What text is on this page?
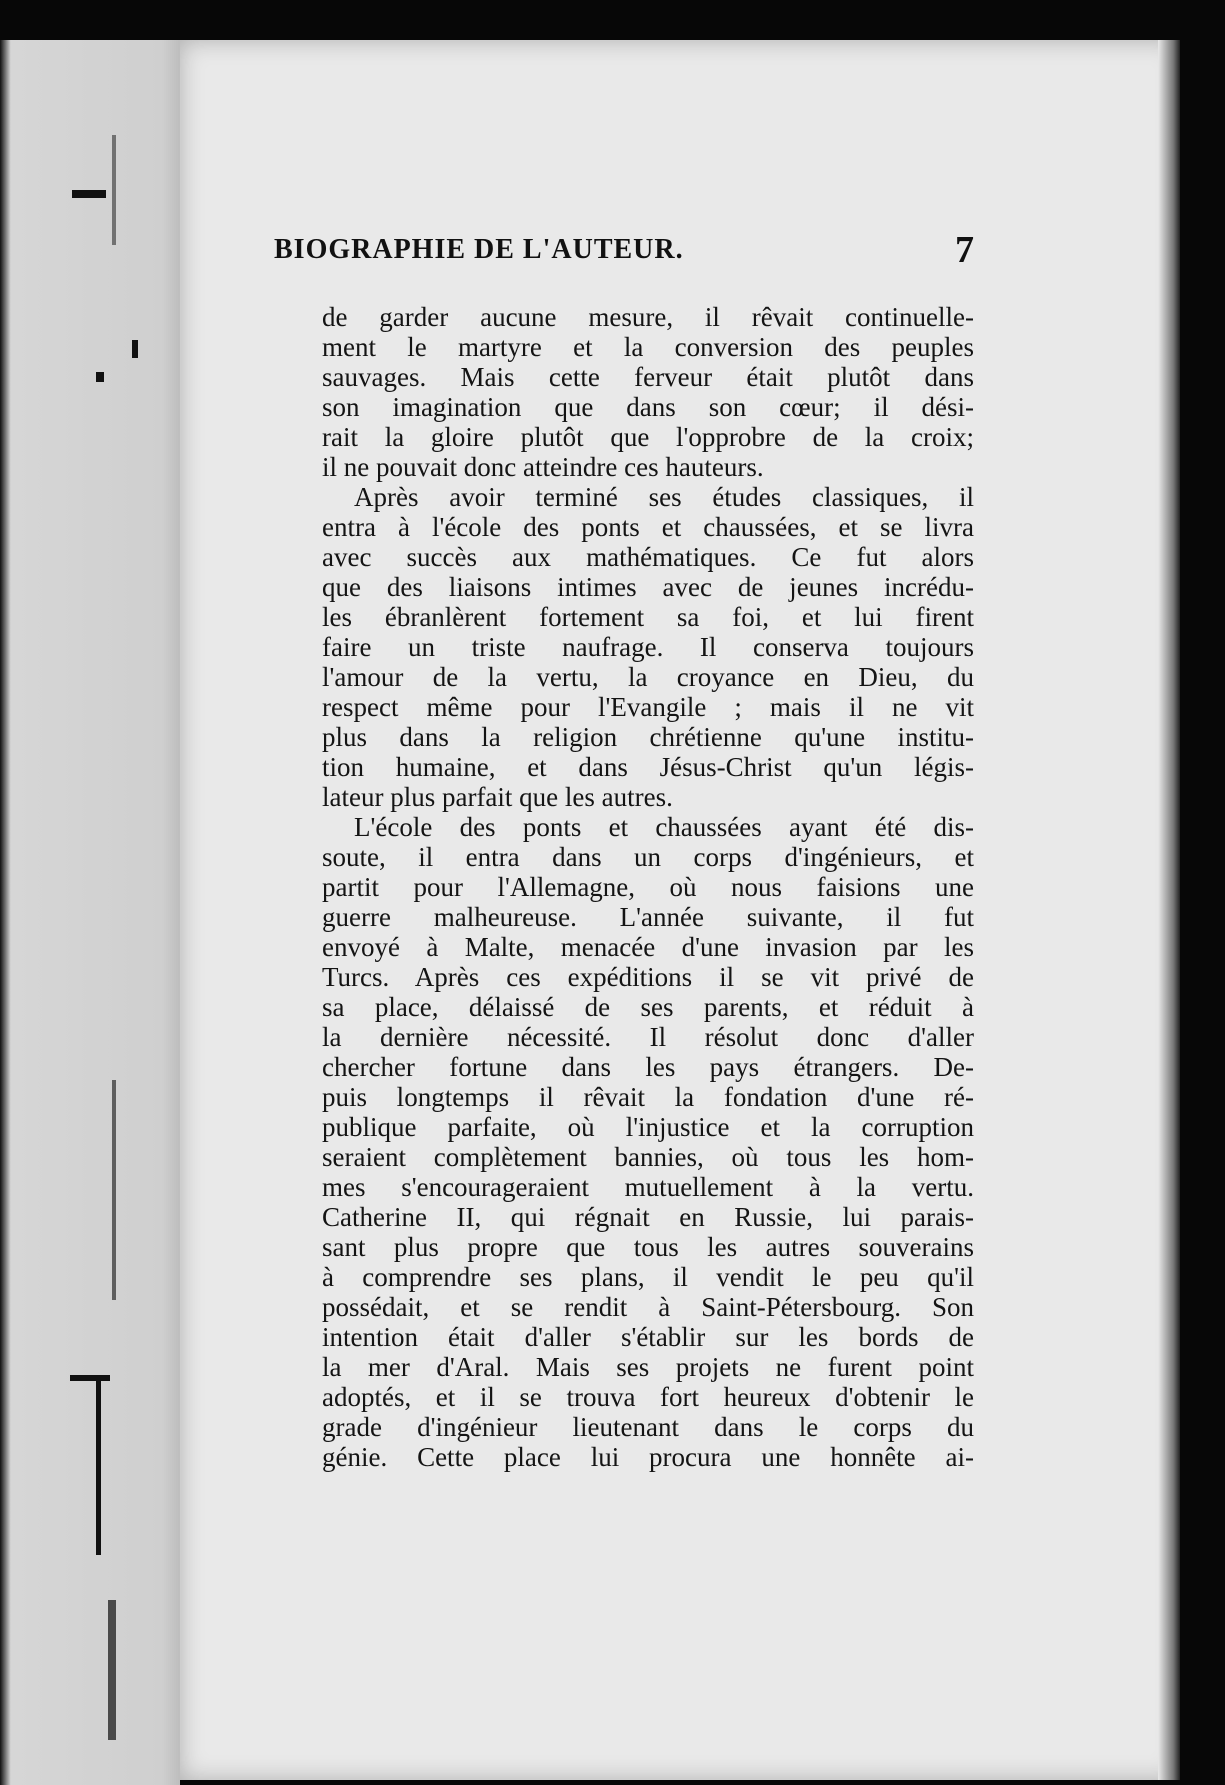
BIOGRAPHIE DE L'AUTEUR.	7
de garder aucune mesure, il rêvait continuelle-
ment le martyre et la conversion des peuples
sauvages. Mais cette ferveur était plutôt dans
son imagination que dans son cœur; il dési-
rait la gloire plutôt que l'opprobre de la croix;
il ne pouvait donc atteindre ces hauteurs.
Après avoir terminé ses études classiques, il
entra à l'école des ponts et chaussées, et se livra
avec succès aux mathématiques. Ce fut alors
que des liaisons intimes avec de jeunes incrédu-
les ébranlèrent fortement sa foi, et lui firent
faire un triste naufrage. Il conserva toujours
l'amour de la vertu, la croyance en Dieu, du
respect même pour l'Evangile ; mais il ne vit
plus dans la religion chrétienne qu'une institu-
tion humaine, et dans Jésus-Christ qu'un légis-
lateur plus parfait que les autres.
L'école des ponts et chaussées ayant été dis-
soute, il entra dans un corps d'ingénieurs, et
partit pour l'Allemagne, où nous faisions une
guerre malheureuse. L'année suivante, il fut
envoyé à Malte, menacée d'une invasion par les
Turcs. Après ces expéditions il se vit privé de
sa place, délaissé de ses parents, et réduit à
la dernière nécessité. Il résolut donc d'aller
chercher fortune dans les pays étrangers. De-
puis longtemps il rêvait la fondation d'une ré-
publique parfaite, où l'injustice et la corruption
seraient complètement bannies, où tous les hom-
mes s'encourageraient mutuellement à la vertu.
Catherine II, qui régnait en Russie, lui parais-
sant plus propre que tous les autres souverains
à comprendre ses plans, il vendit le peu qu'il
possédait, et se rendit à Saint-Pétersbourg. Son
intention était d'aller s'établir sur les bords de
la mer d'Aral. Mais ses projets ne furent point
adoptés, et il se trouva fort heureux d'obtenir le
grade d'ingénieur lieutenant dans le corps du
génie. Cette place lui procura une honnête ai-
